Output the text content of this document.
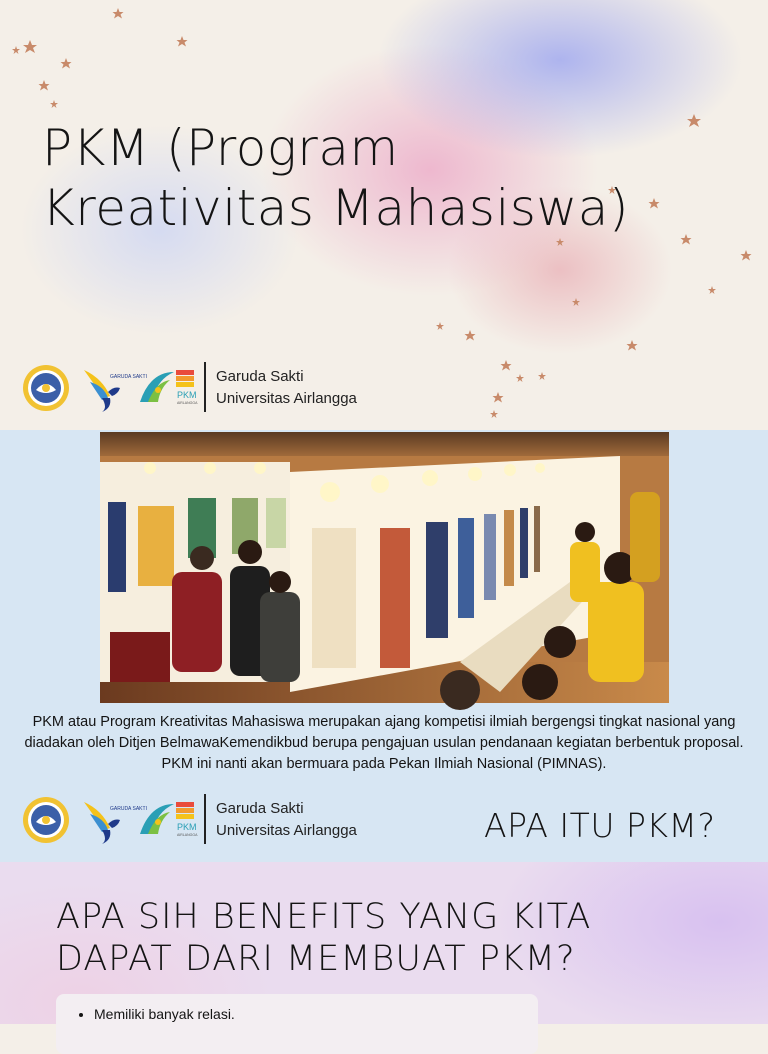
PKM (Program
Kreativitas Mahasiswa)
GARUDA SAKTI
PKM
AIRLANGGA
Garuda Sakti
Universitas Airlangga

PKM atau Program Kreativitas Mahasiswa merupakan ajang kompetisi ilmiah bergengsi tingkat nasional yang diadakan oleh Ditjen BelmawaKemendikbud berupa pengajuan usulan pendanaan kegiatan berbentuk proposal. PKM ini nanti akan bermuara pada Pekan Ilmiah Nasional (PIMNAS).

GARUDA SAKTI
PKM
AIRLANGGA
Garuda Sakti
Universitas Airlangga	APA ITU PKM?
APA SIH BENEFITS YANG KITA
DAPAT DARI MEMBUAT PKM?
• Memiliki banyak relasi.
